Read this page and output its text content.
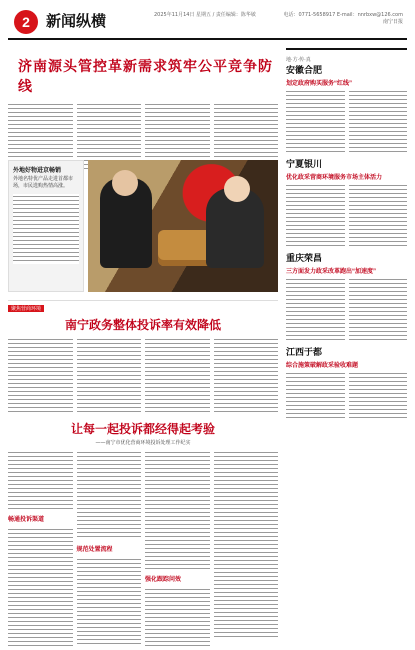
2	新闻纵横	2025年11月14日 星期五 / 责任编辑：陈华敏	电话：0771-5658917 E-mail：nnrbxw@126.com
南宁日报
济南源头管控革新需求筑牢公平竞争防线
外地好物进京畅销
外地名特优产品走进首都市场，市民选购热情高涨。
聚焦营商环境
南宁政务整体投诉率有效降低
让每一起投诉都经得起考验
——南宁市优化营商环境投诉处理工作纪实
畅通投诉渠道
规范处置流程
强化跟踪问效
地·方·传·真
安徽合肥
划定政府购买服务“红线”
宁夏银川
优化政采营商环境服务市场主体活力
重庆荣昌
三方面发力政采改革跑出“加速度”
江西于都
综合施策破解政采验收难题
